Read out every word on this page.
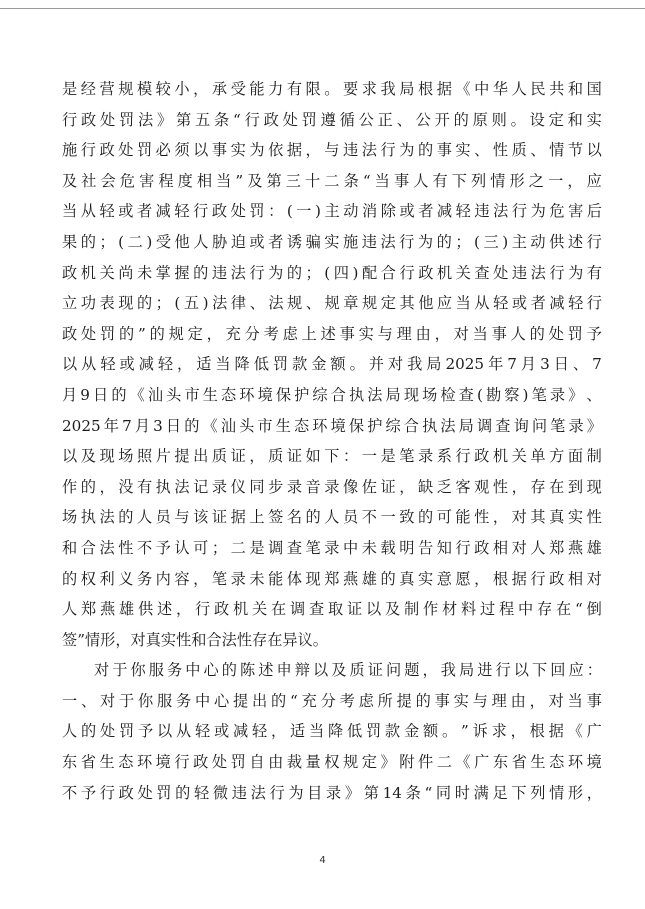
是 经 营 规 模 较 小 ， 承 受 能 力 有 限 。 要 求 我 局 根 据 《 中 华 人 民 共 和 国
行 政 处 罚 法 》 第 五 条 “ 行 政 处 罚 遵 循 公 正 、 公 开 的 原 则 。 设 定 和 实
施 行 政 处 罚 必 须 以 事 实 为 依 据 ， 与 违 法 行 为 的 事 实 、 性 质 、 情 节 以
及 社 会 危 害 程 度 相 当 ” 及 第 三 十 二 条 “ 当 事 人 有 下 列 情 形 之 一 ， 应
当 从 轻 或 者 减 轻 行 政 处 罚 ： ( 一 ) 主 动 消 除 或 者 减 轻 违 法 行 为 危 害 后
果 的 ； ( 二 ) 受 他 人 胁 迫 或 者 诱 骗 实 施 违 法 行 为 的 ； ( 三 ) 主 动 供 述 行
政 机 关 尚 未 掌 握 的 违 法 行 为 的 ； ( 四 ) 配 合 行 政 机 关 查 处 违 法 行 为 有
立 功 表 现 的 ； ( 五 ) 法 律 、 法 规 、 规 章 规 定 其 他 应 当 从 轻 或 者 减 轻 行
政 处 罚 的 ” 的 规 定 ， 充 分 考 虑 上 述 事 实 与 理 由 ， 对 当 事 人 的 处 罚 予
以 从 轻 或 减 轻 ， 适 当 降 低 罚 款 金 额 。 并 对 我 局 2025 年 7 月 3 日 、 7
月 9 日 的 《 汕 头 市 生 态 环 境 保 护 综 合 执 法 局 现 场 检 查 ( 勘 察 ) 笔 录 》 、
2025 年 7 月 3 日 的 《 汕 头 市 生 态 环 境 保 护 综 合 执 法 局 调 查 询 问 笔 录 》
以 及 现 场 照 片 提 出 质 证 ， 质 证 如 下 ： 一 是 笔 录 系 行 政 机 关 单 方 面 制
作 的 ， 没 有 执 法 记 录 仪 同 步 录 音 录 像 佐 证 ， 缺 乏 客 观 性 ， 存 在 到 现
场 执 法 的 人 员 与 该 证 据 上 签 名 的 人 员 不 一 致 的 可 能 性 ， 对 其 真 实 性
和 合 法 性 不 予 认 可 ； 二 是 调 查 笔 录 中 未 载 明 告 知 行 政 相 对 人 郑 燕 雄
的 权 利 义 务 内 容 ， 笔 录 未 能 体 现 郑 燕 雄 的 真 实 意 愿 ， 根 据 行 政 相 对
人 郑 燕 雄 供 述 ， 行 政 机 关 在 调 查 取 证 以 及 制 作 材 料 过 程 中 存 在 “ 倒
签”情形，对真实性和合法性存在异议。
对 于 你 服 务 中 心 的 陈 述 申 辩 以 及 质 证 问 题 ， 我 局 进 行 以 下 回 应 ：
一 、 对 于 你 服 务 中 心 提 出 的 “ 充 分 考 虑 所 提 的 事 实 与 理 由 ， 对 当 事
人 的 处 罚 予 以 从 轻 或 减 轻 ， 适 当 降 低 罚 款 金 额 。 ” 诉 求 ， 根 据 《 广
东 省 生 态 环 境 行 政 处 罚 自 由 裁 量 权 规 定 》 附 件 二 《 广 东 省 生 态 环 境
不 予 行 政 处 罚 的 轻 微 违 法 行 为 目 录 》 第 14 条 “ 同 时 满 足 下 列 情 形 ，
4
